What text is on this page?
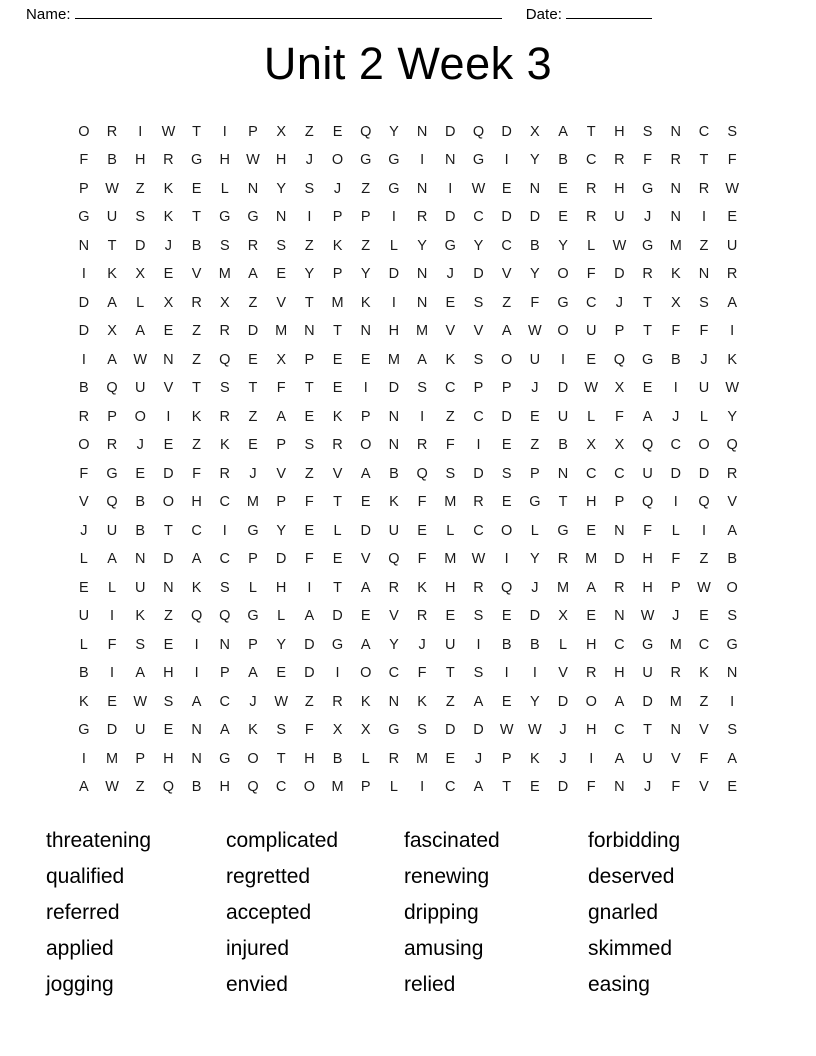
Name:	Date:
Unit 2 Week 3
O	R	I	W	T	I	P	X	Z	E	Q	Y	N	D	Q	D	X	A	T	H	S	N	C	S
F	B	H	R	G	H	W	H	J	O	G	G	I	N	G	I	Y	B	C	R	F	R	T	F
P	W	Z	K	E	L	N	Y	S	J	Z	G	N	I	W	E	N	E	R	H	G	N	R	W
G	U	S	K	T	G	G	N	I	P	P	I	R	D	C	D	D	E	R	U	J	N	I	E
N	T	D	J	B	S	R	S	Z	K	Z	L	Y	G	Y	C	B	Y	L	W	G	M	Z	U
I	K	X	E	V	M	A	E	Y	P	Y	D	N	J	D	V	Y	O	F	D	R	K	N	R
D	A	L	X	R	X	Z	V	T	M	K	I	N	E	S	Z	F	G	C	J	T	X	S	A
D	X	A	E	Z	R	D	M	N	T	N	H	M	V	V	A	W	O	U	P	T	F	F	I
I	A	W	N	Z	Q	E	X	P	E	E	M	A	K	S	O	U	I	E	Q	G	B	J	K
B	Q	U	V	T	S	T	F	T	E	I	D	S	C	P	P	J	D	W	X	E	I	U	W
R	P	O	I	K	R	Z	A	E	K	P	N	I	Z	C	D	E	U	L	F	A	J	L	Y
O	R	J	E	Z	K	E	P	S	R	O	N	R	F	I	E	Z	B	X	X	Q	C	O	Q
F	G	E	D	F	R	J	V	Z	V	A	B	Q	S	D	S	P	N	C	C	U	D	D	R
V	Q	B	O	H	C	M	P	F	T	E	K	F	M	R	E	G	T	H	P	Q	I	Q	V
J	U	B	T	C	I	G	Y	E	L	D	U	E	L	C	O	L	G	E	N	F	L	I	A
L	A	N	D	A	C	P	D	F	E	V	Q	F	M	W	I	Y	R	M	D	H	F	Z	B
E	L	U	N	K	S	L	H	I	T	A	R	K	H	R	Q	J	M	A	R	H	P	W	O
U	I	K	Z	Q	Q	G	L	A	D	E	V	R	E	S	E	D	X	E	N	W	J	E	S
L	F	S	E	I	N	P	Y	D	G	A	Y	J	U	I	B	B	L	H	C	G	M	C	G
B	I	A	H	I	P	A	E	D	I	O	C	F	T	S	I	I	V	R	H	U	R	K	N
K	E	W	S	A	C	J	W	Z	R	K	N	K	Z	A	E	Y	D	O	A	D	M	Z	I
G	D	U	E	N	A	K	S	F	X	X	G	S	D	D	W	W	J	H	C	T	N	V	S
I	M	P	H	N	G	O	T	H	B	L	R	M	E	J	P	K	J	I	A	U	V	F	A
A	W	Z	Q	B	H	Q	C	O	M	P	L	I	C	A	T	E	D	F	N	J	F	V	E
threatening	complicated	fascinated	forbidding
qualified	regretted	renewing	deserved
referred	accepted	dripping	gnarled
applied	injured	amusing	skimmed
jogging	envied	relied	easing
